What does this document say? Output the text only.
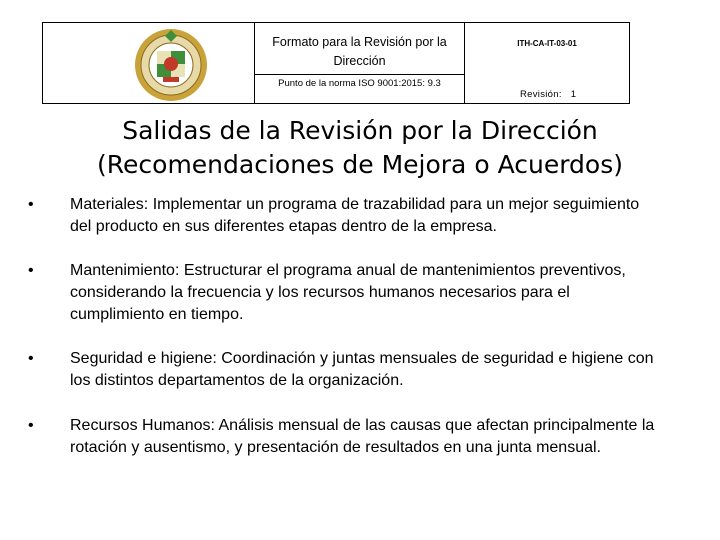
Formato para la Revisión por la Dirección
Punto de la norma ISO 9001:2015: 9.3
ITH-CA-IT-03-01
Revisión: 1
Salidas de la Revisión por la Dirección
(Recomendaciones de Mejora o Acuerdos)
• Materiales: Implementar un programa de trazabilidad para un mejor seguimiento del producto en sus diferentes etapas dentro de la empresa.
• Mantenimiento: Estructurar el programa anual de mantenimientos preventivos, considerando la frecuencia y los recursos humanos necesarios para el cumplimiento en tiempo.
• Seguridad e higiene: Coordinación y juntas mensuales de seguridad e higiene con los distintos departamentos de la organización.
• Recursos Humanos: Análisis mensual de las causas que afectan principalmente la rotación y ausentismo, y presentación de resultados en una junta mensual.
